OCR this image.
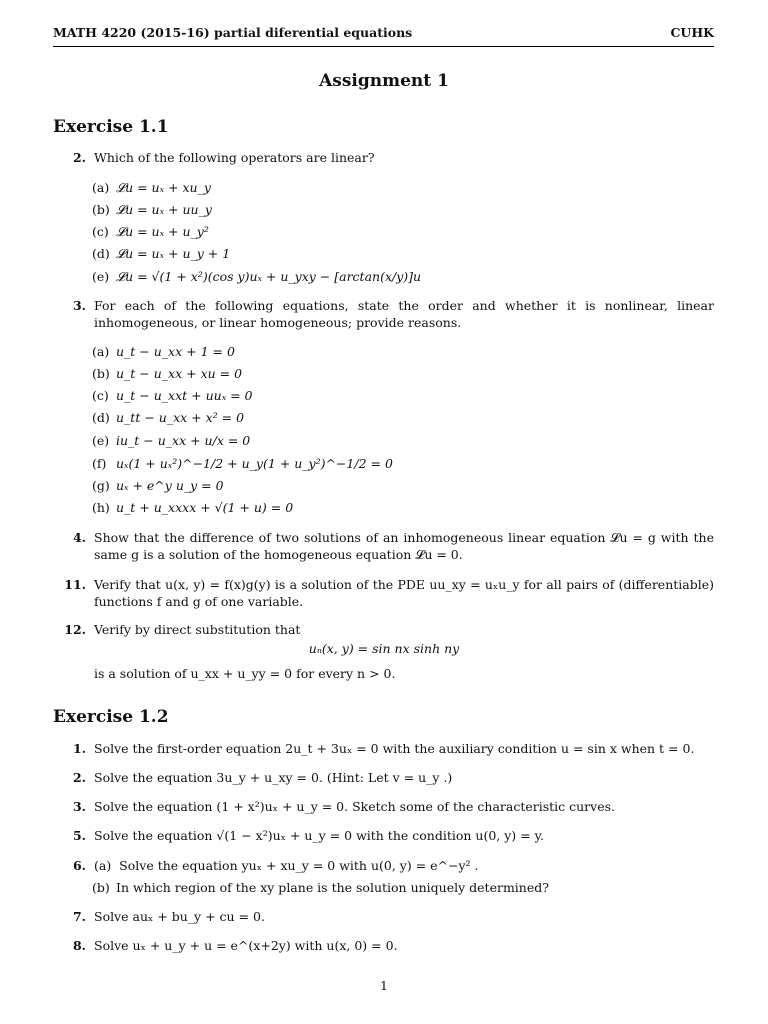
MATH 4220 (2015-16) partial diferential equations	CUHK
Assignment 1
Exercise 1.1
2. Which of the following operators are linear?
(a) 𝓛u = uₓ + xu_y
(b) 𝓛u = uₓ + uu_y
(c) 𝓛u = uₓ + u_y²
(d) 𝓛u = uₓ + u_y + 1
(e) 𝓛u = √(1 + x²)(cos y)uₓ + u_yxy − [arctan(x/y)]u
3. For each of the following equations, state the order and whether it is nonlinear, linear inhomogeneous, or linear homogeneous; provide reasons.
(a) u_t − u_xx + 1 = 0
(b) u_t − u_xx + xu = 0
(c) u_t − u_xxt + uuₓ = 0
(d) u_tt − u_xx + x² = 0
(e) iu_t − u_xx + u/x = 0
(f) uₓ(1 + uₓ²)^−1/2 + u_y(1 + u_y²)^−1/2 = 0
(g) uₓ + e^y u_y = 0
(h) u_t + u_xxxx + √(1 + u) = 0
4. Show that the difference of two solutions of an inhomogeneous linear equation 𝓛u = g with the same g is a solution of the homogeneous equation 𝓛u = 0.
11. Verify that u(x, y) = f(x)g(y) is a solution of the PDE uu_xy = uₓu_y for all pairs of (differentiable) functions f and g of one variable.
12. Verify by direct substitution that
uₙ(x, y) = sin nx sinh ny
is a solution of u_xx + u_yy = 0 for every n > 0.
Exercise 1.2
1. Solve the first-order equation 2u_t + 3uₓ = 0 with the auxiliary condition u = sin x when t = 0.
2. Solve the equation 3u_y + u_xy = 0. (Hint: Let v = u_y .)
3. Solve the equation (1 + x²)uₓ + u_y = 0. Sketch some of the characteristic curves.
5. Solve the equation √(1 − x²)uₓ + u_y = 0 with the condition u(0, y) = y.
6. (a) Solve the equation yuₓ + xu_y = 0 with u(0, y) = e^−y² .
(b) In which region of the xy plane is the solution uniquely determined?
7. Solve auₓ + bu_y + cu = 0.
8. Solve uₓ + u_y + u = e^(x+2y) with u(x, 0) = 0.
1
